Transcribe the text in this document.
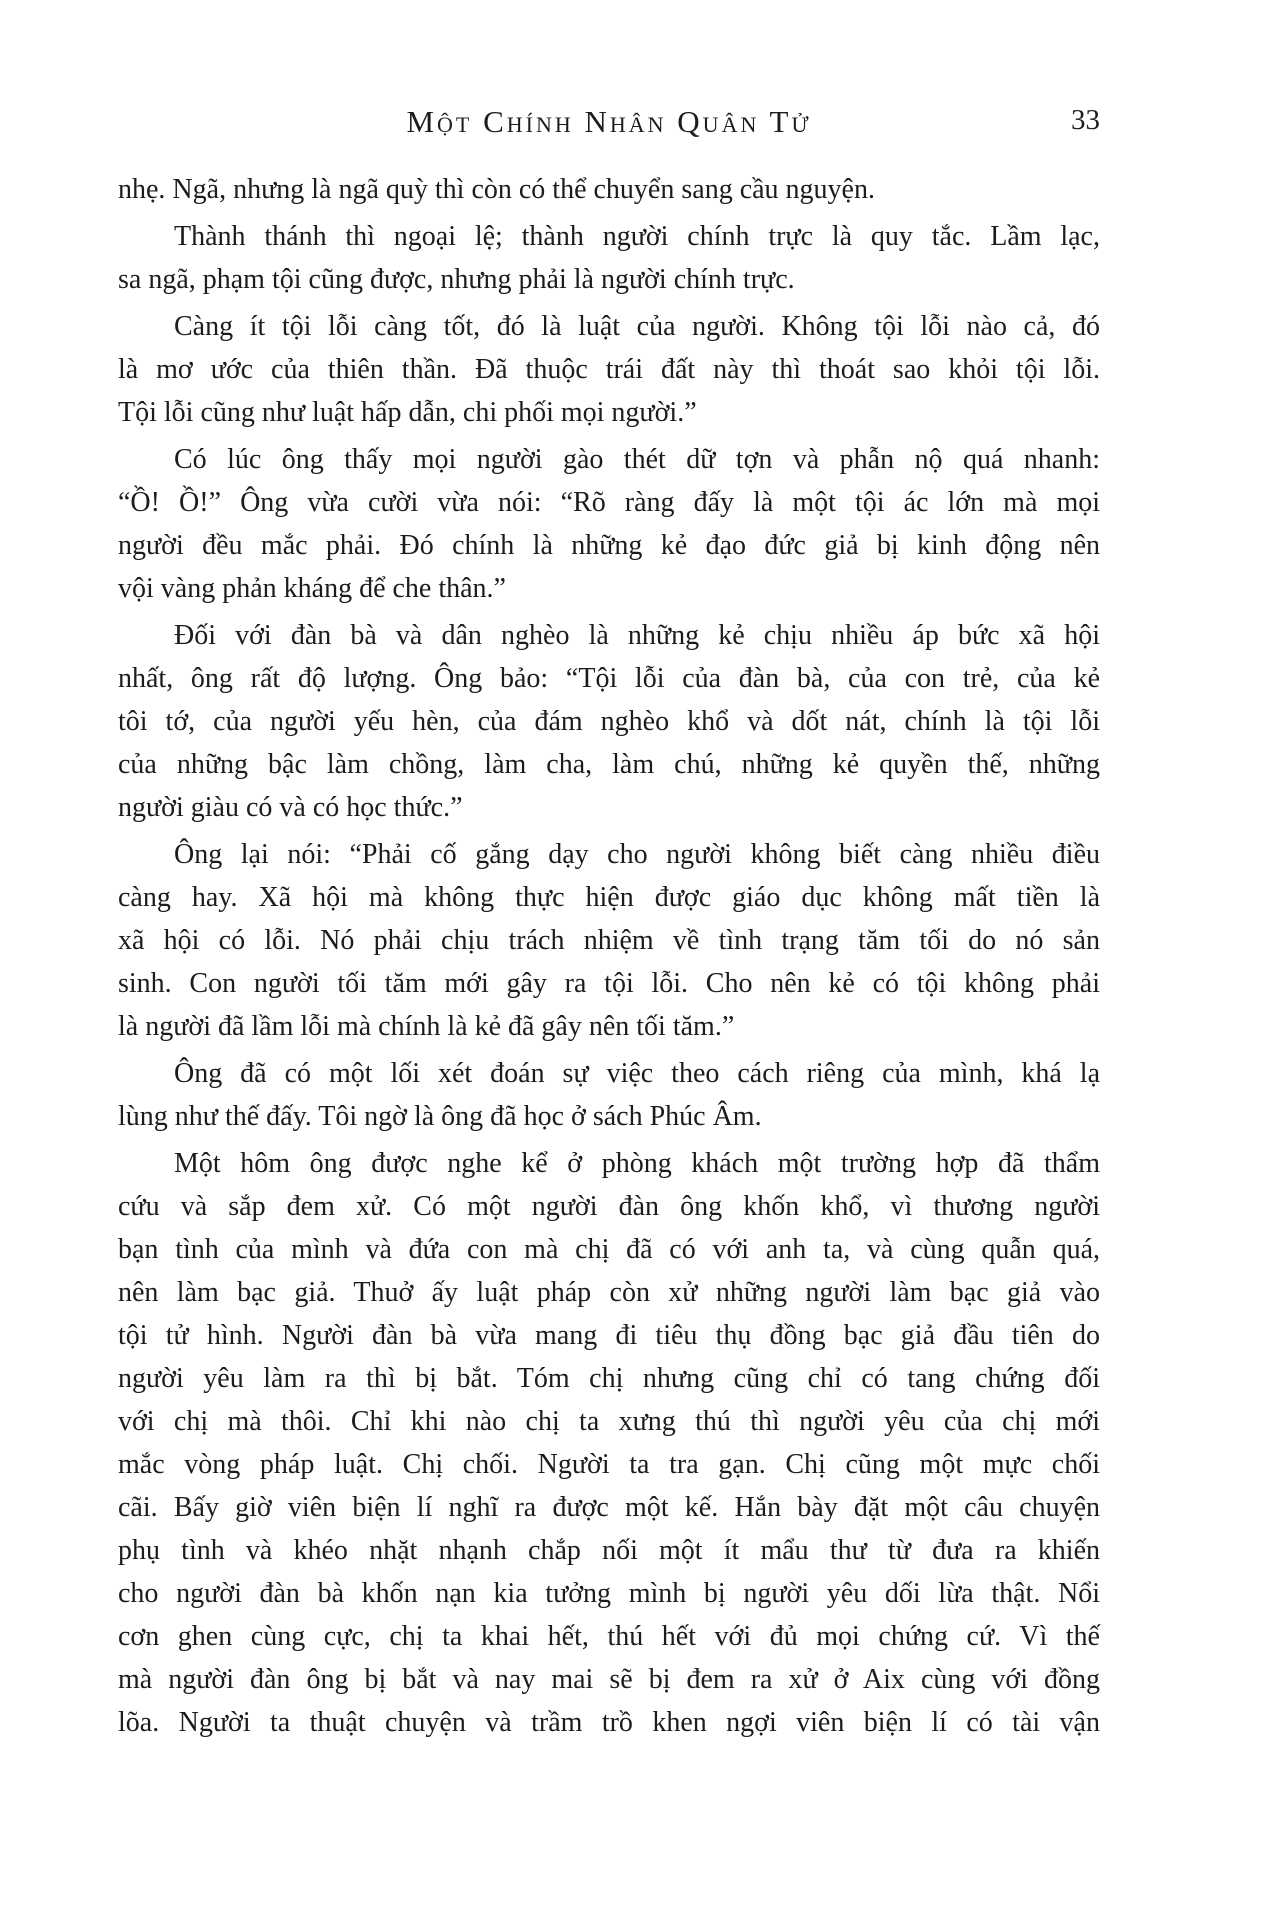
Một Chính Nhân Quân Tử	33
nhẹ. Ngã, nhưng là ngã quỳ thì còn có thể chuyển sang cầu nguyện.
Thành thánh thì ngoại lệ; thành người chính trực là quy tắc. Lầm lạc,
sa ngã, phạm tội cũng được, nhưng phải là người chính trực.
Càng ít tội lỗi càng tốt, đó là luật của người. Không tội lỗi nào cả, đó
là mơ ước của thiên thần. Đã thuộc trái đất này thì thoát sao khỏi tội lỗi.
Tội lỗi cũng như luật hấp dẫn, chi phối mọi người.”
Có lúc ông thấy mọi người gào thét dữ tợn và phẫn nộ quá nhanh:
“Ồ! Ồ!” Ông vừa cười vừa nói: “Rõ ràng đấy là một tội ác lớn mà mọi
người đều mắc phải. Đó chính là những kẻ đạo đức giả bị kinh động nên
vội vàng phản kháng để che thân.”
Đối với đàn bà và dân nghèo là những kẻ chịu nhiều áp bức xã hội
nhất, ông rất độ lượng. Ông bảo: “Tội lỗi của đàn bà, của con trẻ, của kẻ
tôi tớ, của người yếu hèn, của đám nghèo khổ và dốt nát, chính là tội lỗi
của những bậc làm chồng, làm cha, làm chú, những kẻ quyền thế, những
người giàu có và có học thức.”
Ông lại nói: “Phải cố gắng dạy cho người không biết càng nhiều điều
càng hay. Xã hội mà không thực hiện được giáo dục không mất tiền là
xã hội có lỗi. Nó phải chịu trách nhiệm về tình trạng tăm tối do nó sản
sinh. Con người tối tăm mới gây ra tội lỗi. Cho nên kẻ có tội không phải
là người đã lầm lỗi mà chính là kẻ đã gây nên tối tăm.”
Ông đã có một lối xét đoán sự việc theo cách riêng của mình, khá lạ
lùng như thế đấy. Tôi ngờ là ông đã học ở sách Phúc Âm.
Một hôm ông được nghe kể ở phòng khách một trường hợp đã thẩm
cứu và sắp đem xử. Có một người đàn ông khốn khổ, vì thương người
bạn tình của mình và đứa con mà chị đã có với anh ta, và cùng quẫn quá,
nên làm bạc giả. Thuở ấy luật pháp còn xử những người làm bạc giả vào
tội tử hình. Người đàn bà vừa mang đi tiêu thụ đồng bạc giả đầu tiên do
người yêu làm ra thì bị bắt. Tóm chị nhưng cũng chỉ có tang chứng đối
với chị mà thôi. Chỉ khi nào chị ta xưng thú thì người yêu của chị mới
mắc vòng pháp luật. Chị chối. Người ta tra gạn. Chị cũng một mực chối
cãi. Bấy giờ viên biện lí nghĩ ra được một kế. Hắn bày đặt một câu chuyện
phụ tình và khéo nhặt nhạnh chắp nối một ít mẩu thư từ đưa ra khiến
cho người đàn bà khốn nạn kia tưởng mình bị người yêu dối lừa thật. Nổi
cơn ghen cùng cực, chị ta khai hết, thú hết với đủ mọi chứng cứ. Vì thế
mà người đàn ông bị bắt và nay mai sẽ bị đem ra xử ở Aix cùng với đồng
lõa. Người ta thuật chuyện và trầm trồ khen ngợi viên biện lí có tài vận
